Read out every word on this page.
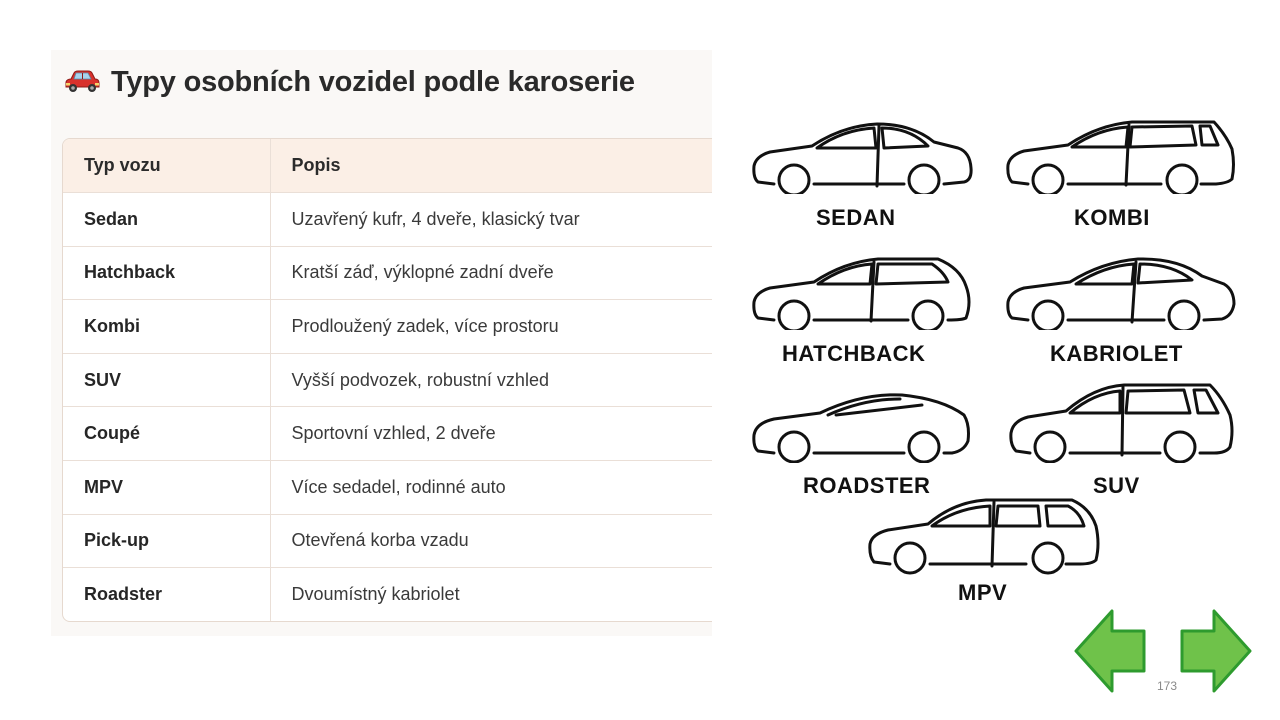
Typy osobních vozidel podle karoserie
Typ vozu	Popis
Sedan	Uzavřený kufr, 4 dveře, klasický tvar
Hatchback	Kratší záď, výklopné zadní dveře
Kombi	Prodloužený zadek, více prostoru
SUV	Vyšší podvozek, robustní vzhled
Coupé	Sportovní vzhled, 2 dveře
MPV	Více sedadel, rodinné auto
Pick-up	Otevřená korba vzadu
Roadster	Dvoumístný kabriolet
SEDAN	KOMBI
HATCHBACK	KABRIOLET
ROADSTER	SUV
MPV
173
